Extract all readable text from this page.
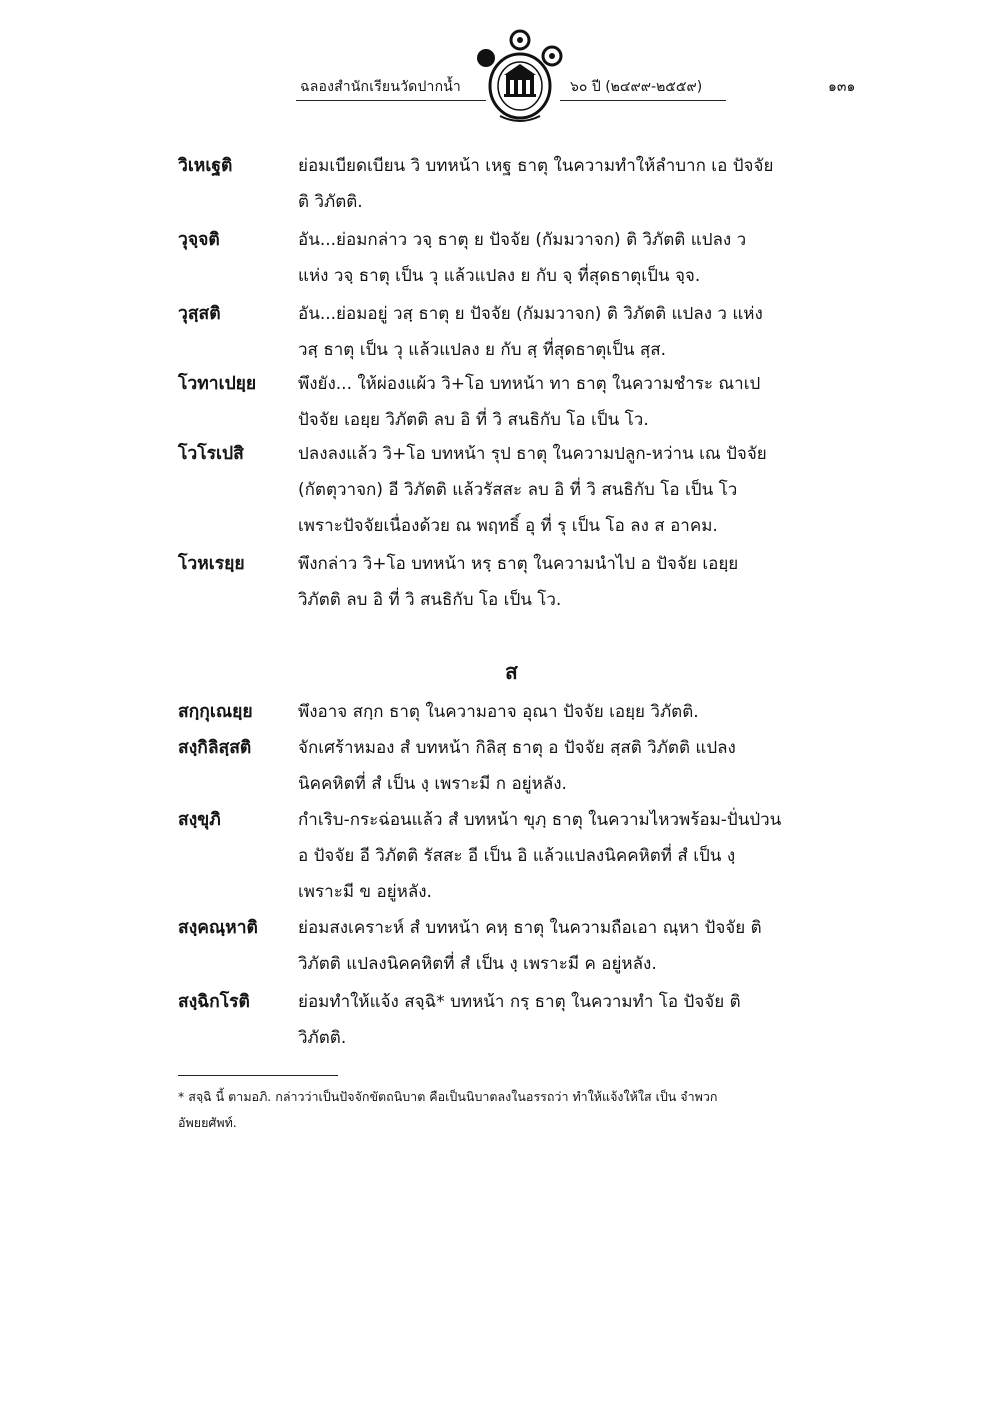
ฉลองสำนักเรียนวัดปากน้ำ	๖๐ ปี (๒๔๙๙-๒๕๕๙)	๑๓๑
วิเหเฐติ	ย่อมเบียดเบียน วิ บทหน้า เหฐ ธาตุ ในความทำให้ลำบาก เอ ปัจจัย
ติ วิภัตติ.
วุจฺจติ	อัน...ย่อมกล่าว วจฺ ธาตุ ย ปัจจัย (กัมมวาจก) ติ วิภัตติ แปลง ว
แห่ง วจฺ ธาตุ เป็น วุ แล้วแปลง ย กับ จฺ ที่สุดธาตุเป็น จฺจ.
วุสฺสติ	อัน...ย่อมอยู่ วสฺ ธาตุ ย ปัจจัย (กัมมวาจก) ติ วิภัตติ แปลง ว แห่ง
วสฺ ธาตุ เป็น วุ แล้วแปลง ย กับ สฺ ที่สุดธาตุเป็น สฺส.
โวทาเปยฺย	พึงยัง... ให้ผ่องแผ้ว วิ+โอ บทหน้า ทา ธาตุ ในความชำระ ณาเป
ปัจจัย เอยฺย วิภัตติ ลบ อิ ที่ วิ สนธิกับ โอ เป็น โว.
โวโรเปสิ	ปลงลงแล้ว วิ+โอ บทหน้า รุป ธาตุ ในความปลูก-หว่าน เณ ปัจจัย
(กัตตุวาจก) อี วิภัตติ แล้วรัสสะ ลบ อิ ที่ วิ สนธิกับ โอ เป็น โว
เพราะปัจจัยเนื่องด้วย ณ พฤทธิ์ อุ ที่ รุ เป็น โอ ลง ส อาคม.
โวหเรยฺย	พึงกล่าว วิ+โอ บทหน้า หรฺ ธาตุ ในความนำไป อ ปัจจัย เอยฺย
วิภัตติ ลบ อิ ที่ วิ สนธิกับ โอ เป็น โว.
ส
สกฺกุเณยฺย	พึงอาจ สกฺก ธาตุ ในความอาจ อุณา ปัจจัย เอยฺย วิภัตติ.
สงฺกิลิสฺสติ	จักเศร้าหมอง สํ บทหน้า กิลิสฺ ธาตุ อ ปัจจัย สฺสติ วิภัตติ แปลง
นิคคหิตที่ สํ เป็น งฺ เพราะมี ก อยู่หลัง.
สงฺขุภิ	กำเริบ-กระฉ่อนแล้ว สํ บทหน้า ขุภฺ ธาตุ ในความไหวพร้อม-ปั่นป่วน
อ ปัจจัย อี วิภัตติ รัสสะ อี เป็น อิ แล้วแปลงนิคคหิตที่ สํ เป็น งฺ
เพราะมี ข อยู่หลัง.
สงฺคณฺหาติ	ย่อมสงเคราะห์ สํ บทหน้า คหฺ ธาตุ ในความถือเอา ณฺหา ปัจจัย ติ
วิภัตติ แปลงนิคคหิตที่ สํ เป็น งฺ เพราะมี ค อยู่หลัง.
สงฺฉิกโรติ	ย่อมทำให้แจ้ง สจฺฉิ* บทหน้า กรฺ ธาตุ ในความทำ โอ ปัจจัย ติ
วิภัตติ.
* สจฺฉิ นี้ ตามอภิ. กล่าวว่าเป็นปัจจักขัตถนิบาต คือเป็นนิบาตลงในอรรถว่า ทำให้แจ้งให้ใส เป็น จำพวก
อัพยยศัพท์.
